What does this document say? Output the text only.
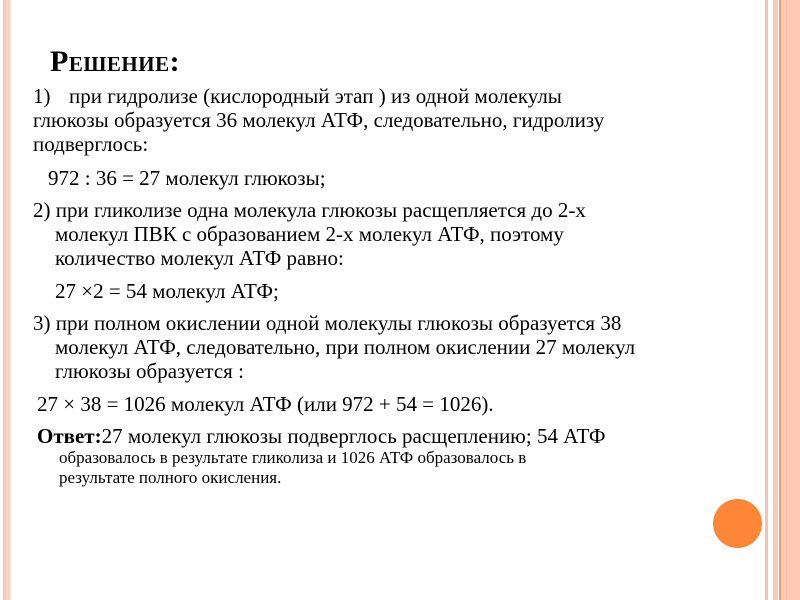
Решение:
1) при гидролизе (кислородный этап ) из одной молекулы
глюкозы образуется 36 молекул АТФ, следовательно, гидролизу
подверглось:
972 : 36 = 27 молекул глюкозы;
2) при гликолизе одна молекула глюкозы расщепляется до 2-х
молекул ПВК с образованием 2-х молекул АТФ, поэтому
количество молекул АТФ равно:
27 ×2 = 54 молекул АТФ;
3) при полном окислении одной молекулы глюкозы образуется 38
молекул АТФ, следовательно, при полном окислении 27 молекул
глюкозы образуется :
27 × 38 = 1026 молекул АТФ (или 972 + 54 = 1026).
Ответ:27 молекул глюкозы подверглось расщеплению; 54 АТФ
образовалось в результате гликолиза и 1026 АТФ образовалось в
результате полного окисления.
